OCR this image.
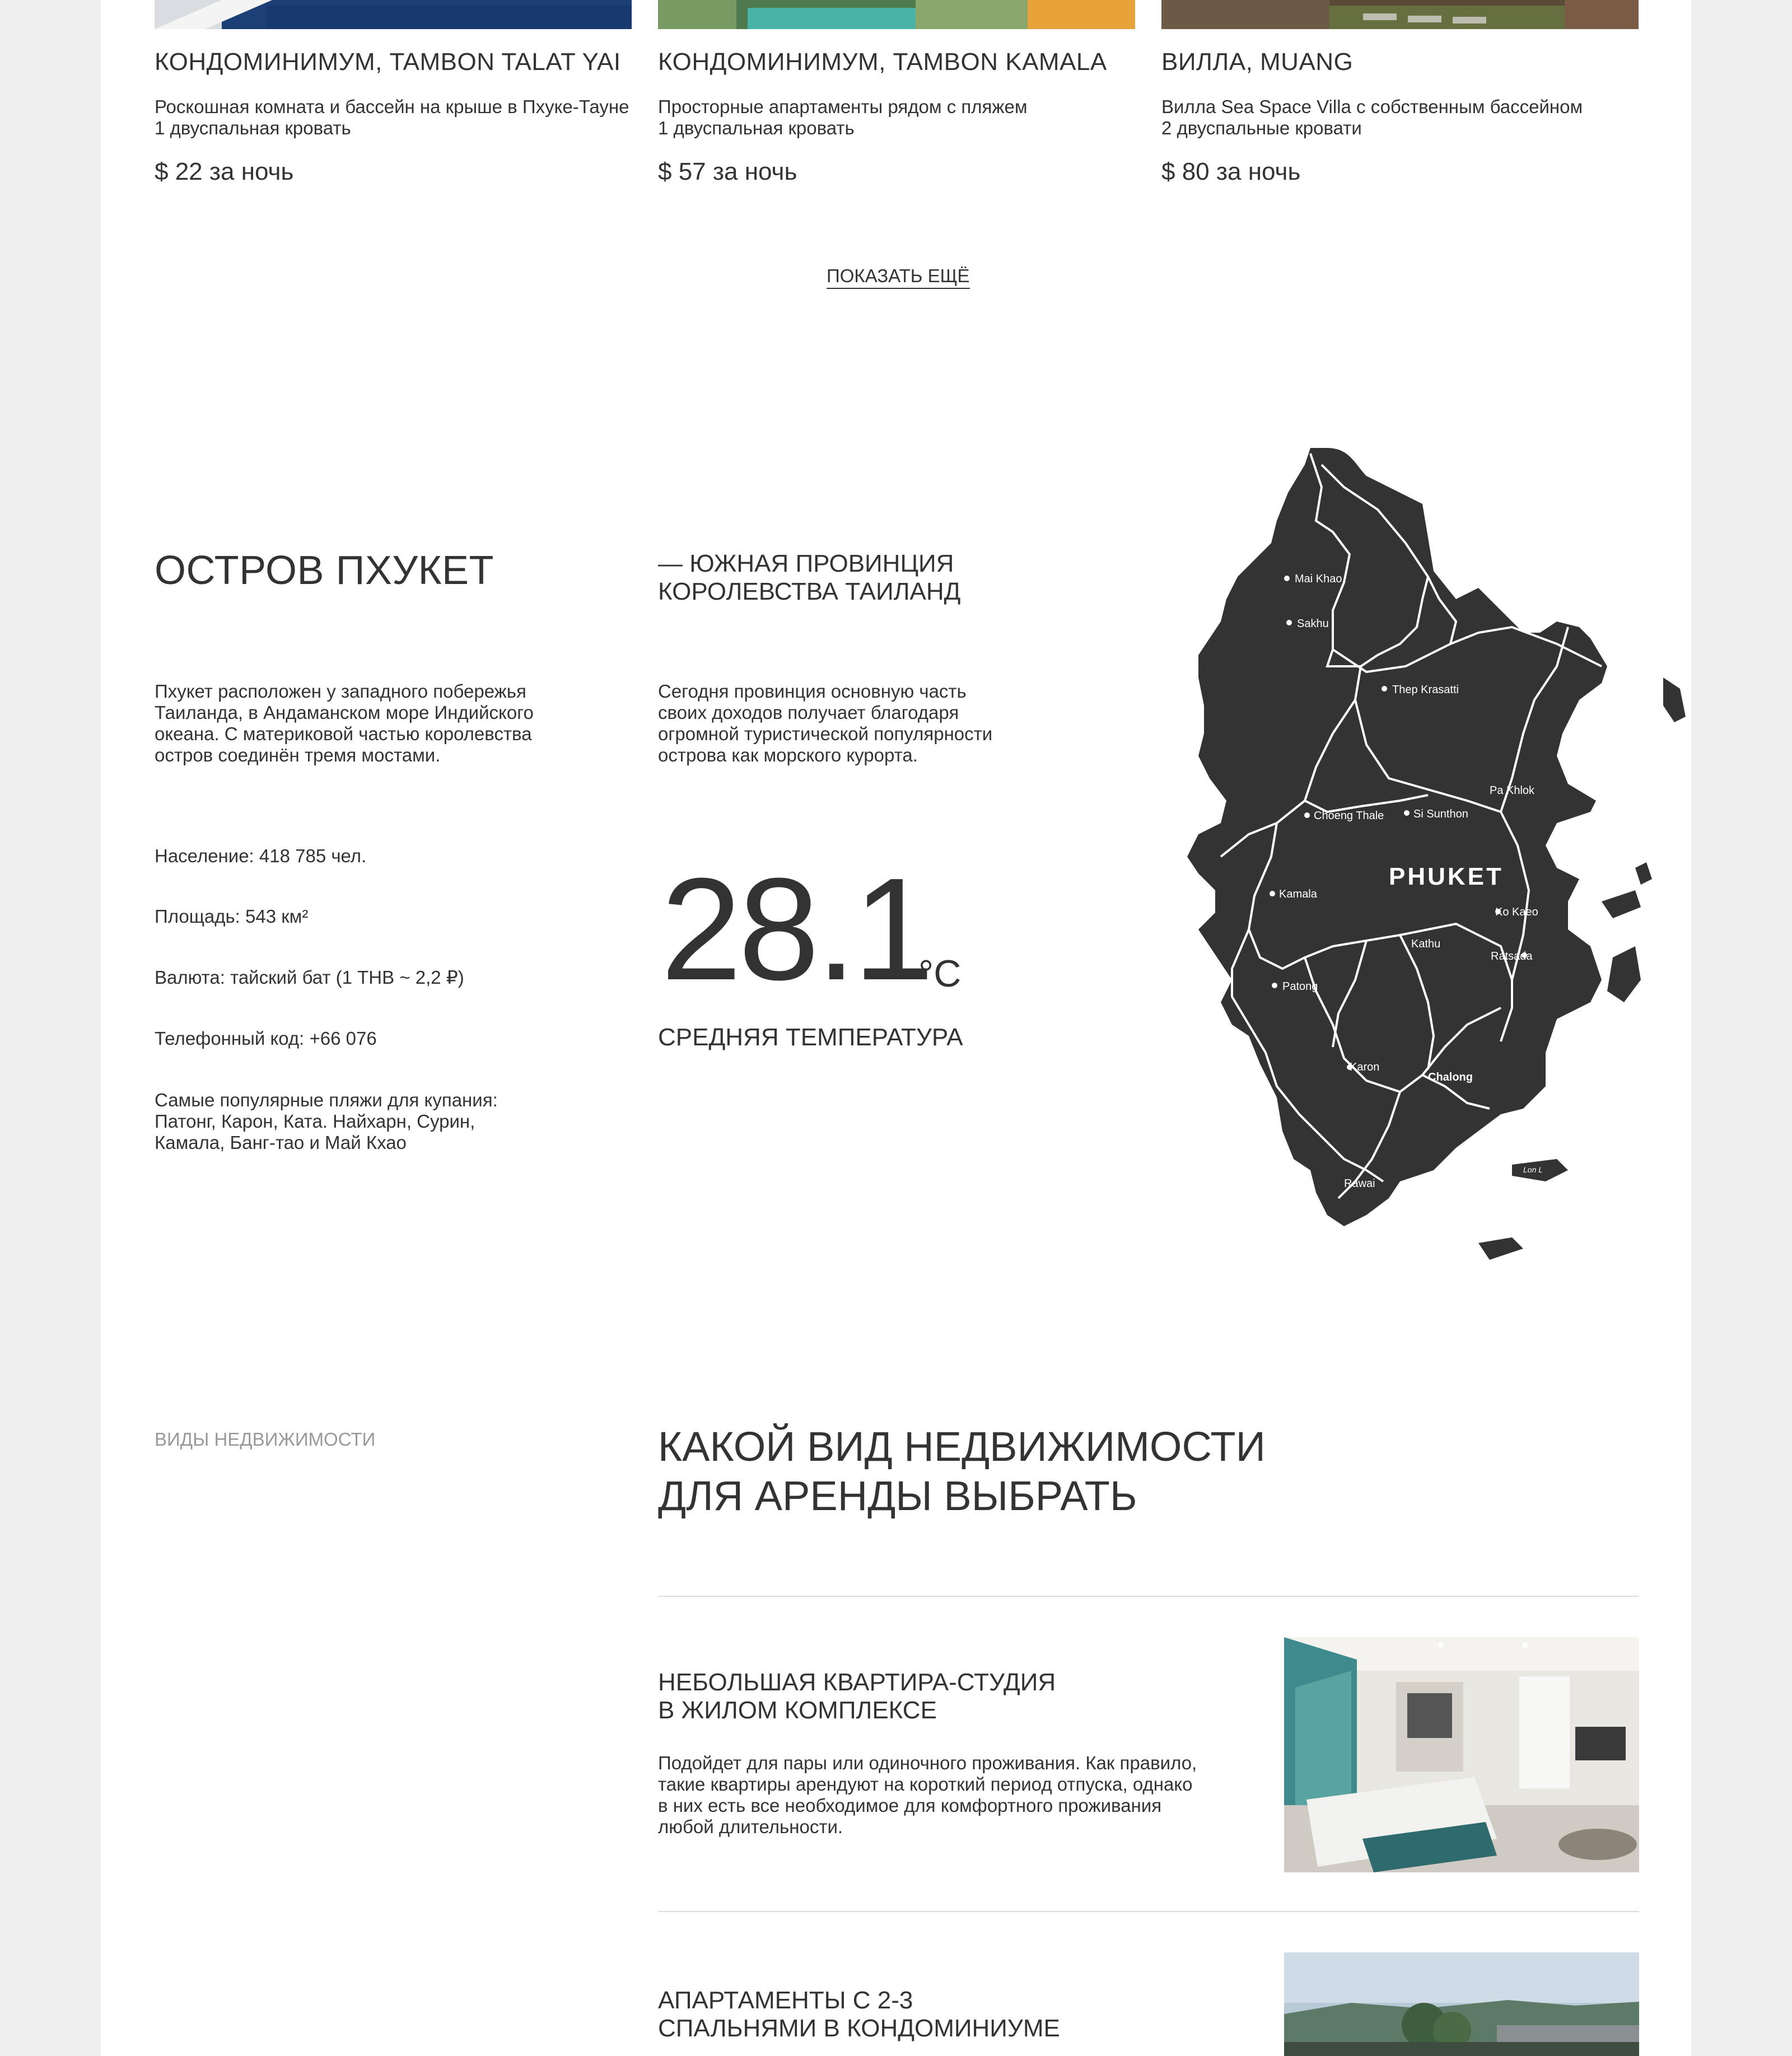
КОНДОМИНИМУМ, TAMBON TALAT YAI
Роскошная комната и бассейн на крыше в Пхуке-Тауне
1 двуспальная кровать
$ 22 за ночь
КОНДОМИНИМУМ, TAMBON KAMALA
Просторные апартаменты рядом с пляжем
1 двуспальная кровать
$ 57 за ночь
ВИЛЛА, MUANG
Вилла Sea Space Villa с собственным бассейном
2 двуспальные кровати
$ 80 за ночь
ПОКАЗАТЬ ЕЩЁ
ОСТРОВ ПХУКЕТ	— ЮЖНАЯ ПРОВИНЦИЯ
КОРОЛЕВСТВА ТАИЛАНД
Пхукет расположен у западного побережья
Таиланда, в Андаманском море Индийского
океана. С материковой частью королевства
остров соединён тремя мостами.
Сегодня провинция основную часть
своих доходов получает благодаря
огромной туристической популярности
острова как морского курорта.
Население: 418 785 чел.
Площадь: 543 км²
Валюта: тайский бат (1 THB ~ 2,2 ₽)
Телефонный код: +66 076
Самые популярные пляжи для купания:
Патонг, Карон, Ката. Найхарн, Сурин,
Камала, Банг-тао и Май Кхао
28.1
°C
СРЕДНЯЯ ТЕМПЕРАТУРА
Mai Khao
Sakhu
Thep Krasatti
Pa Khlok
Choeng Thale	Si Sunthon
Kamala
Ko Kaeo
Kathu
Ratsada
Patong
Karon
Chalong
Rawai
Lon L
PHUKET
ВИДЫ НЕДВИЖИМОСТИ	КАКОЙ ВИД НЕДВИЖИМОСТИ
ДЛЯ АРЕНДЫ ВЫБРАТЬ
НЕБОЛЬШАЯ КВАРТИРА-СТУДИЯ
В ЖИЛОМ КОМПЛЕКСЕ
Подойдет для пары или одиночного проживания. Как правило,
такие квартиры арендуют на короткий период отпуска, однако
в них есть все необходимое для комфортного проживания
любой длительности.
АПАРТАМЕНТЫ С 2-3
СПАЛЬНЯМИ В КОНДОМИНИУМЕ
